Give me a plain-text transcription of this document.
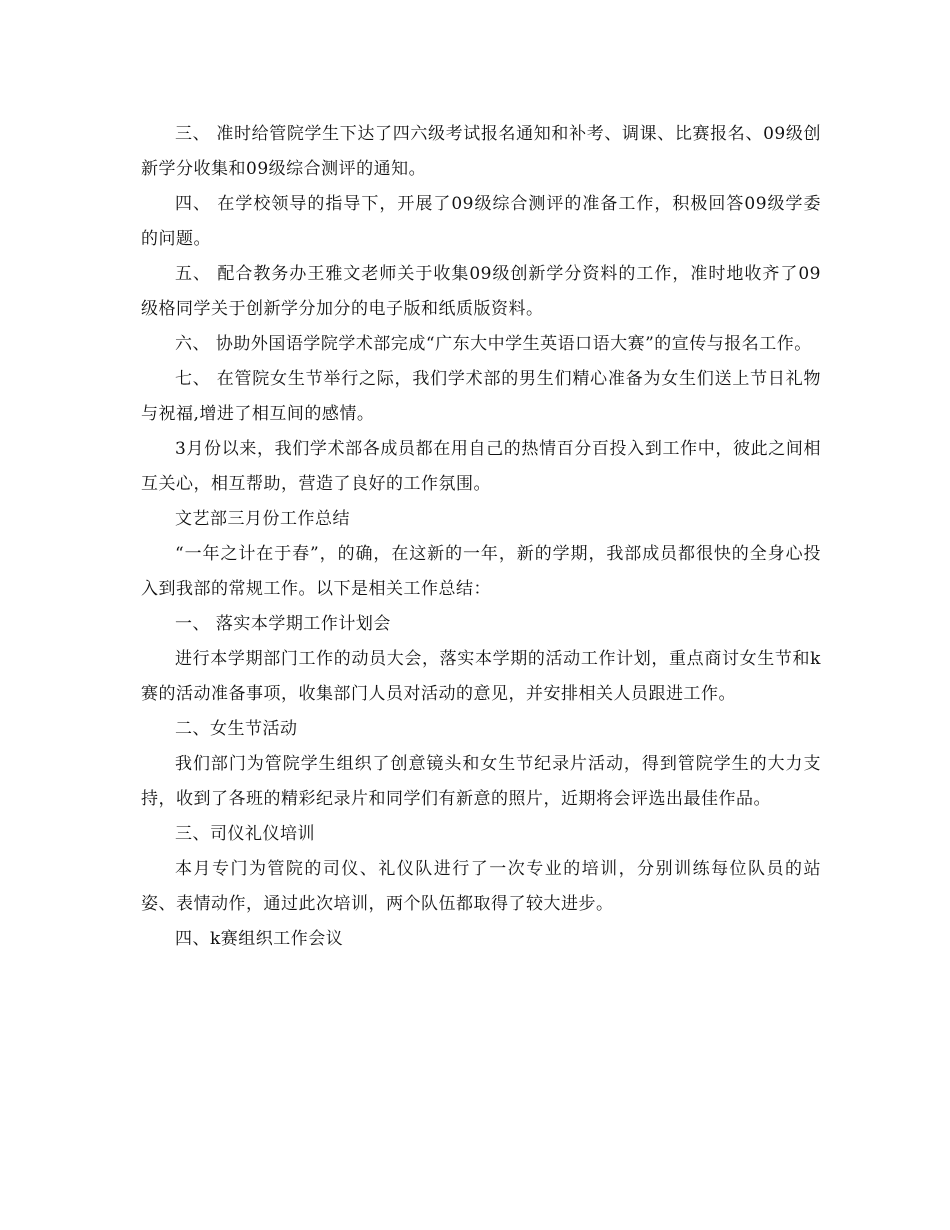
三、 准时给管院学生下达了四六级考试报名通知和补考、调课、比赛报名、09级创新学分收集和09级综合测评的通知。

四、 在学校领导的指导下，开展了09级综合测评的准备工作，积极回答09级学委的问题。

五、 配合教务办王雅文老师关于收集09级创新学分资料的工作，准时地收齐了09级格同学关于创新学分加分的电子版和纸质版资料。

六、 协助外国语学院学术部完成“广东大中学生英语口语大赛”的宣传与报名工作。

七、 在管院女生节举行之际，我们学术部的男生们精心准备为女生们送上节日礼物与祝福,增进了相互间的感情。

3月份以来，我们学术部各成员都在用自己的热情百分百投入到工作中，彼此之间相互关心，相互帮助，营造了良好的工作氛围。

文艺部三月份工作总结

“一年之计在于春”，的确，在这新的一年，新的学期，我部成员都很快的全身心投入到我部的常规工作。以下是相关工作总结：

一、 落实本学期工作计划会

进行本学期部门工作的动员大会，落实本学期的活动工作计划，重点商讨女生节和k赛的活动准备事项，收集部门人员对活动的意见，并安排相关人员跟进工作。

二、女生节活动

我们部门为管院学生组织了创意镜头和女生节纪录片活动，得到管院学生的大力支持，收到了各班的精彩纪录片和同学们有新意的照片，近期将会评选出最佳作品。

三、司仪礼仪培训

本月专门为管院的司仪、礼仪队进行了一次专业的培训，分别训练每位队员的站姿、表情动作，通过此次培训，两个队伍都取得了较大进步。

四、k赛组织工作会议
